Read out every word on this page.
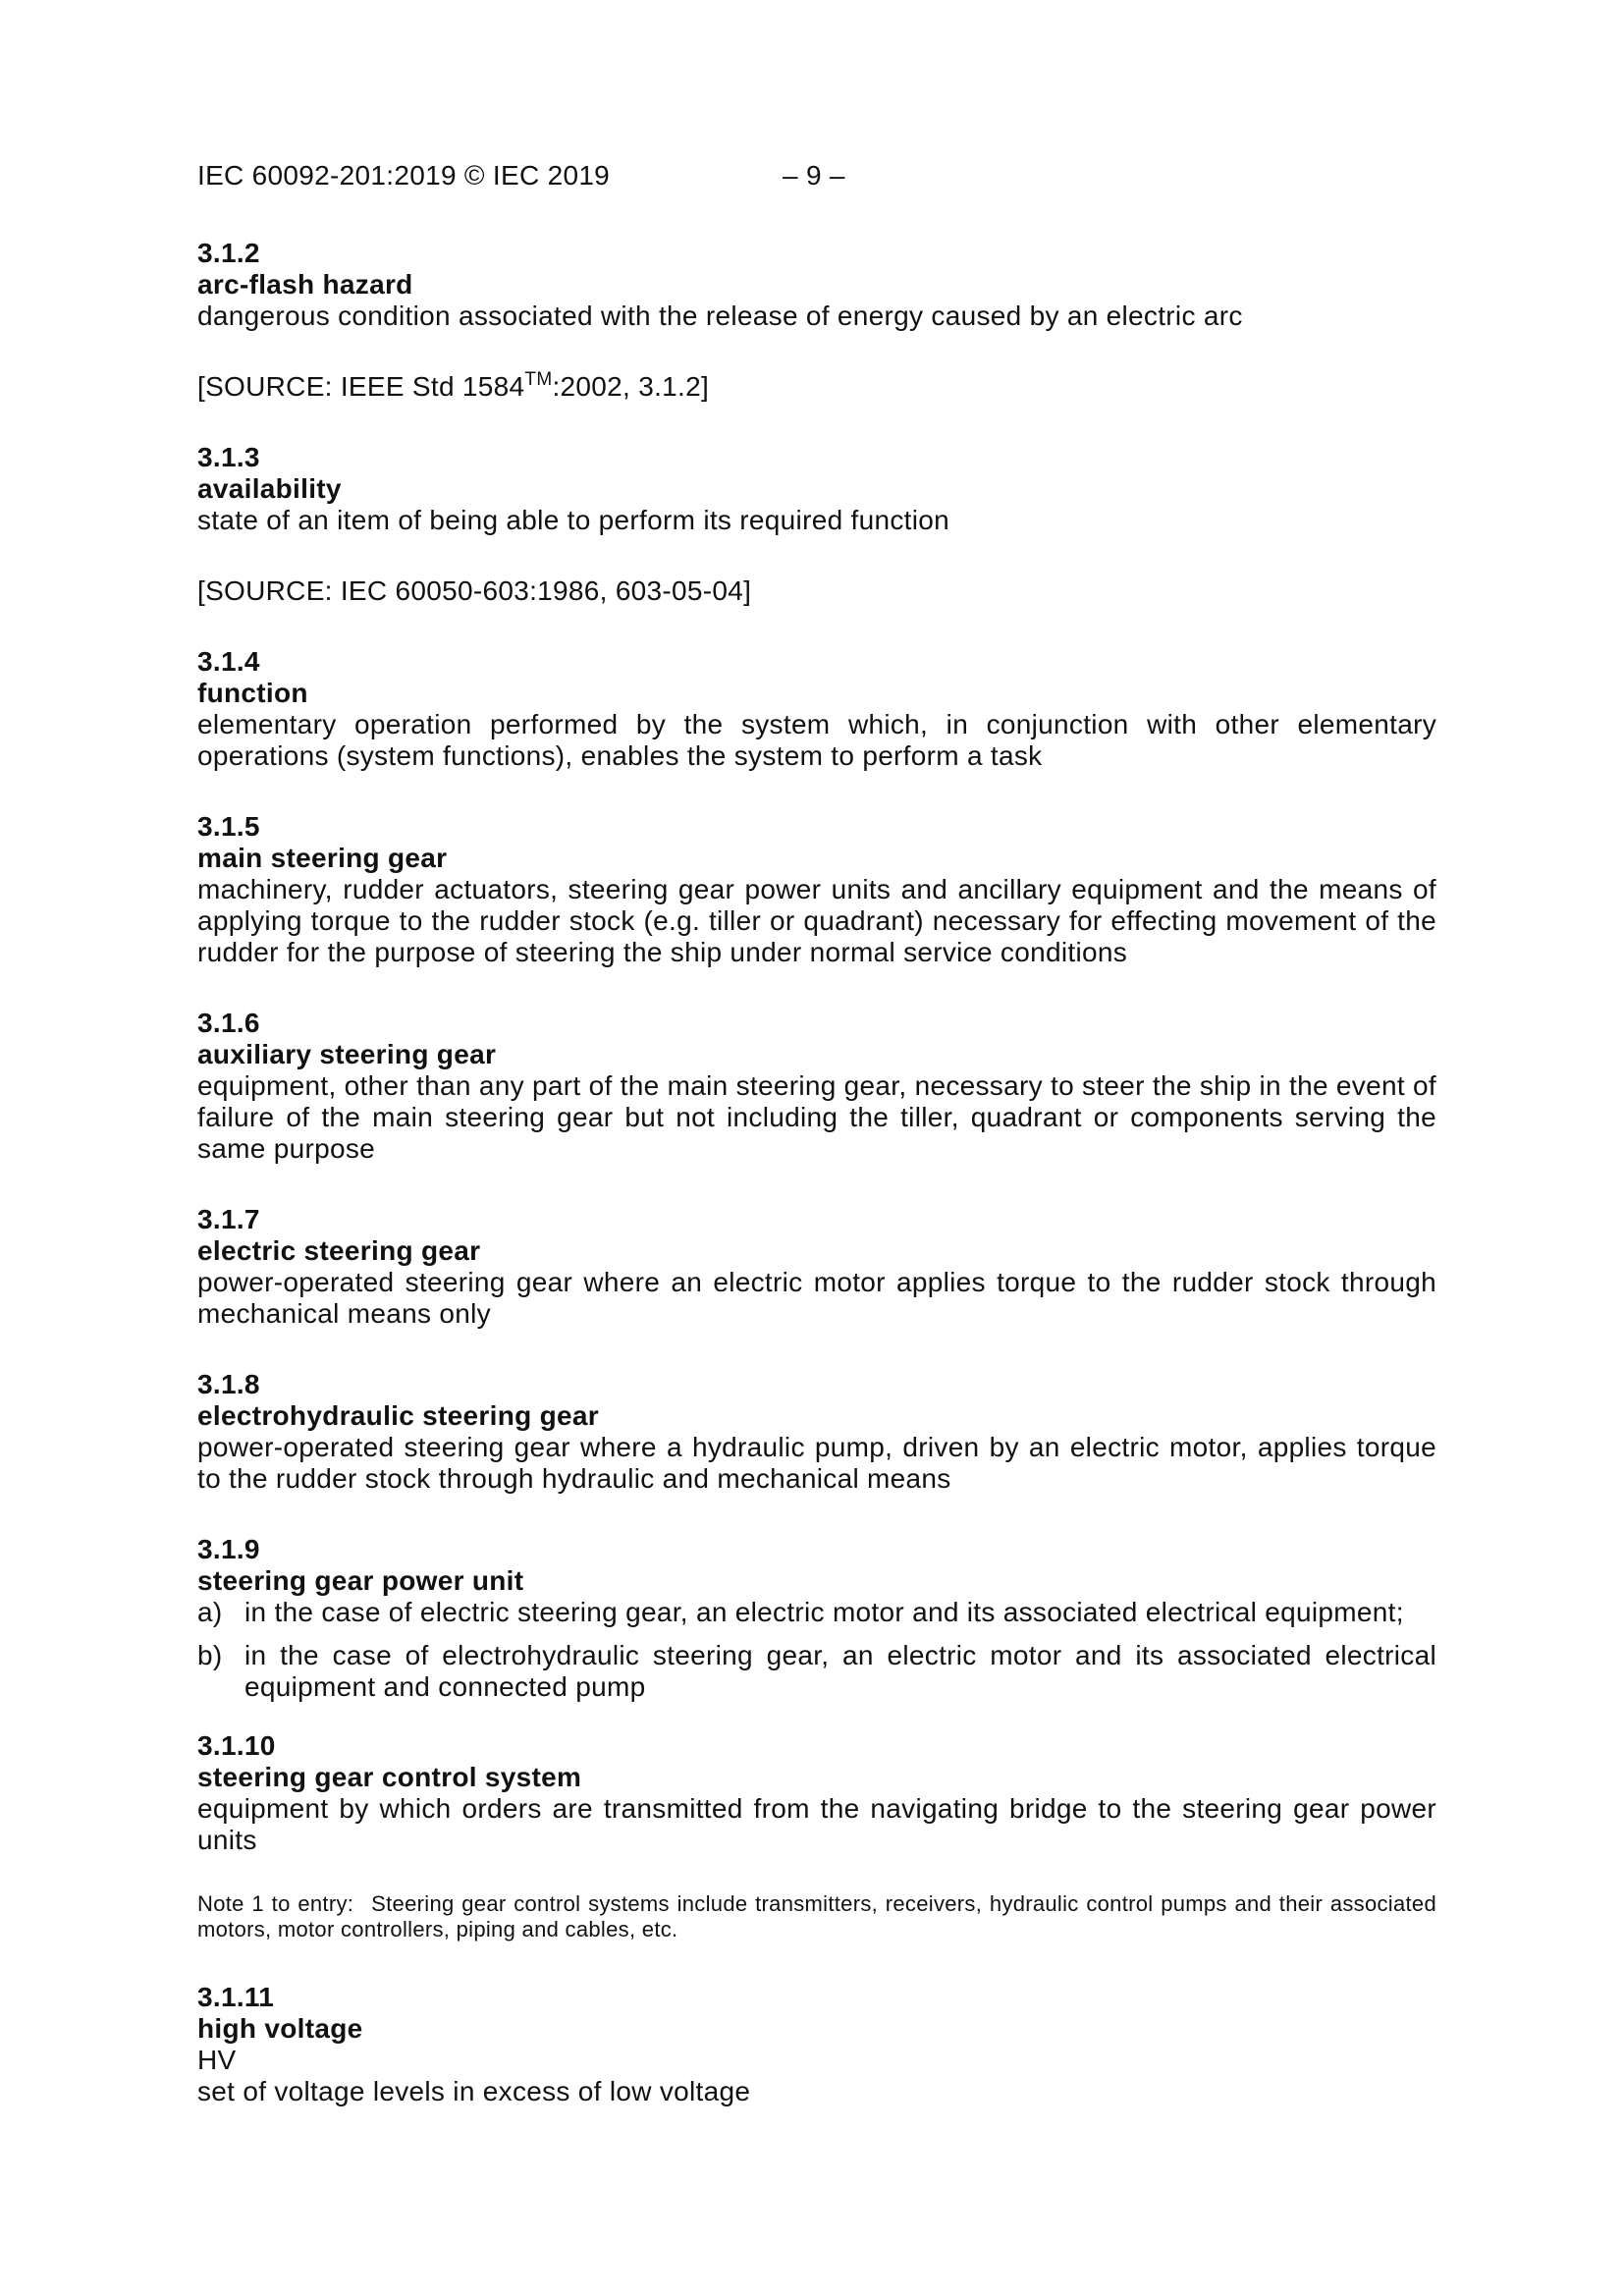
IEC 60092-201:2019 © IEC 2019	– 9 –
3.1.2
arc-flash hazard
dangerous condition associated with the release of energy caused by an electric arc
[SOURCE: IEEE Std 1584™:2002, 3.1.2]
3.1.3
availability
state of an item of being able to perform its required function
[SOURCE: IEC 60050-603:1986, 603-05-04]
3.1.4
function
elementary operation performed by the system which, in conjunction with other elementary operations (system functions), enables the system to perform a task
3.1.5
main steering gear
machinery, rudder actuators, steering gear power units and ancillary equipment and the means of applying torque to the rudder stock (e.g. tiller or quadrant) necessary for effecting movement of the rudder for the purpose of steering the ship under normal service conditions
3.1.6
auxiliary steering gear
equipment, other than any part of the main steering gear, necessary to steer the ship in the event of failure of the main steering gear but not including the tiller, quadrant or components serving the same purpose
3.1.7
electric steering gear
power-operated steering gear where an electric motor applies torque to the rudder stock through mechanical means only
3.1.8
electrohydraulic steering gear
power-operated steering gear where a hydraulic pump, driven by an electric motor, applies torque to the rudder stock through hydraulic and mechanical means
3.1.9
steering gear power unit
a) in the case of electric steering gear, an electric motor and its associated electrical equipment;
b) in the case of electrohydraulic steering gear, an electric motor and its associated electrical equipment and connected pump
3.1.10
steering gear control system
equipment by which orders are transmitted from the navigating bridge to the steering gear power units
Note 1 to entry: Steering gear control systems include transmitters, receivers, hydraulic control pumps and their associated motors, motor controllers, piping and cables, etc.
3.1.11
high voltage
HV
set of voltage levels in excess of low voltage
